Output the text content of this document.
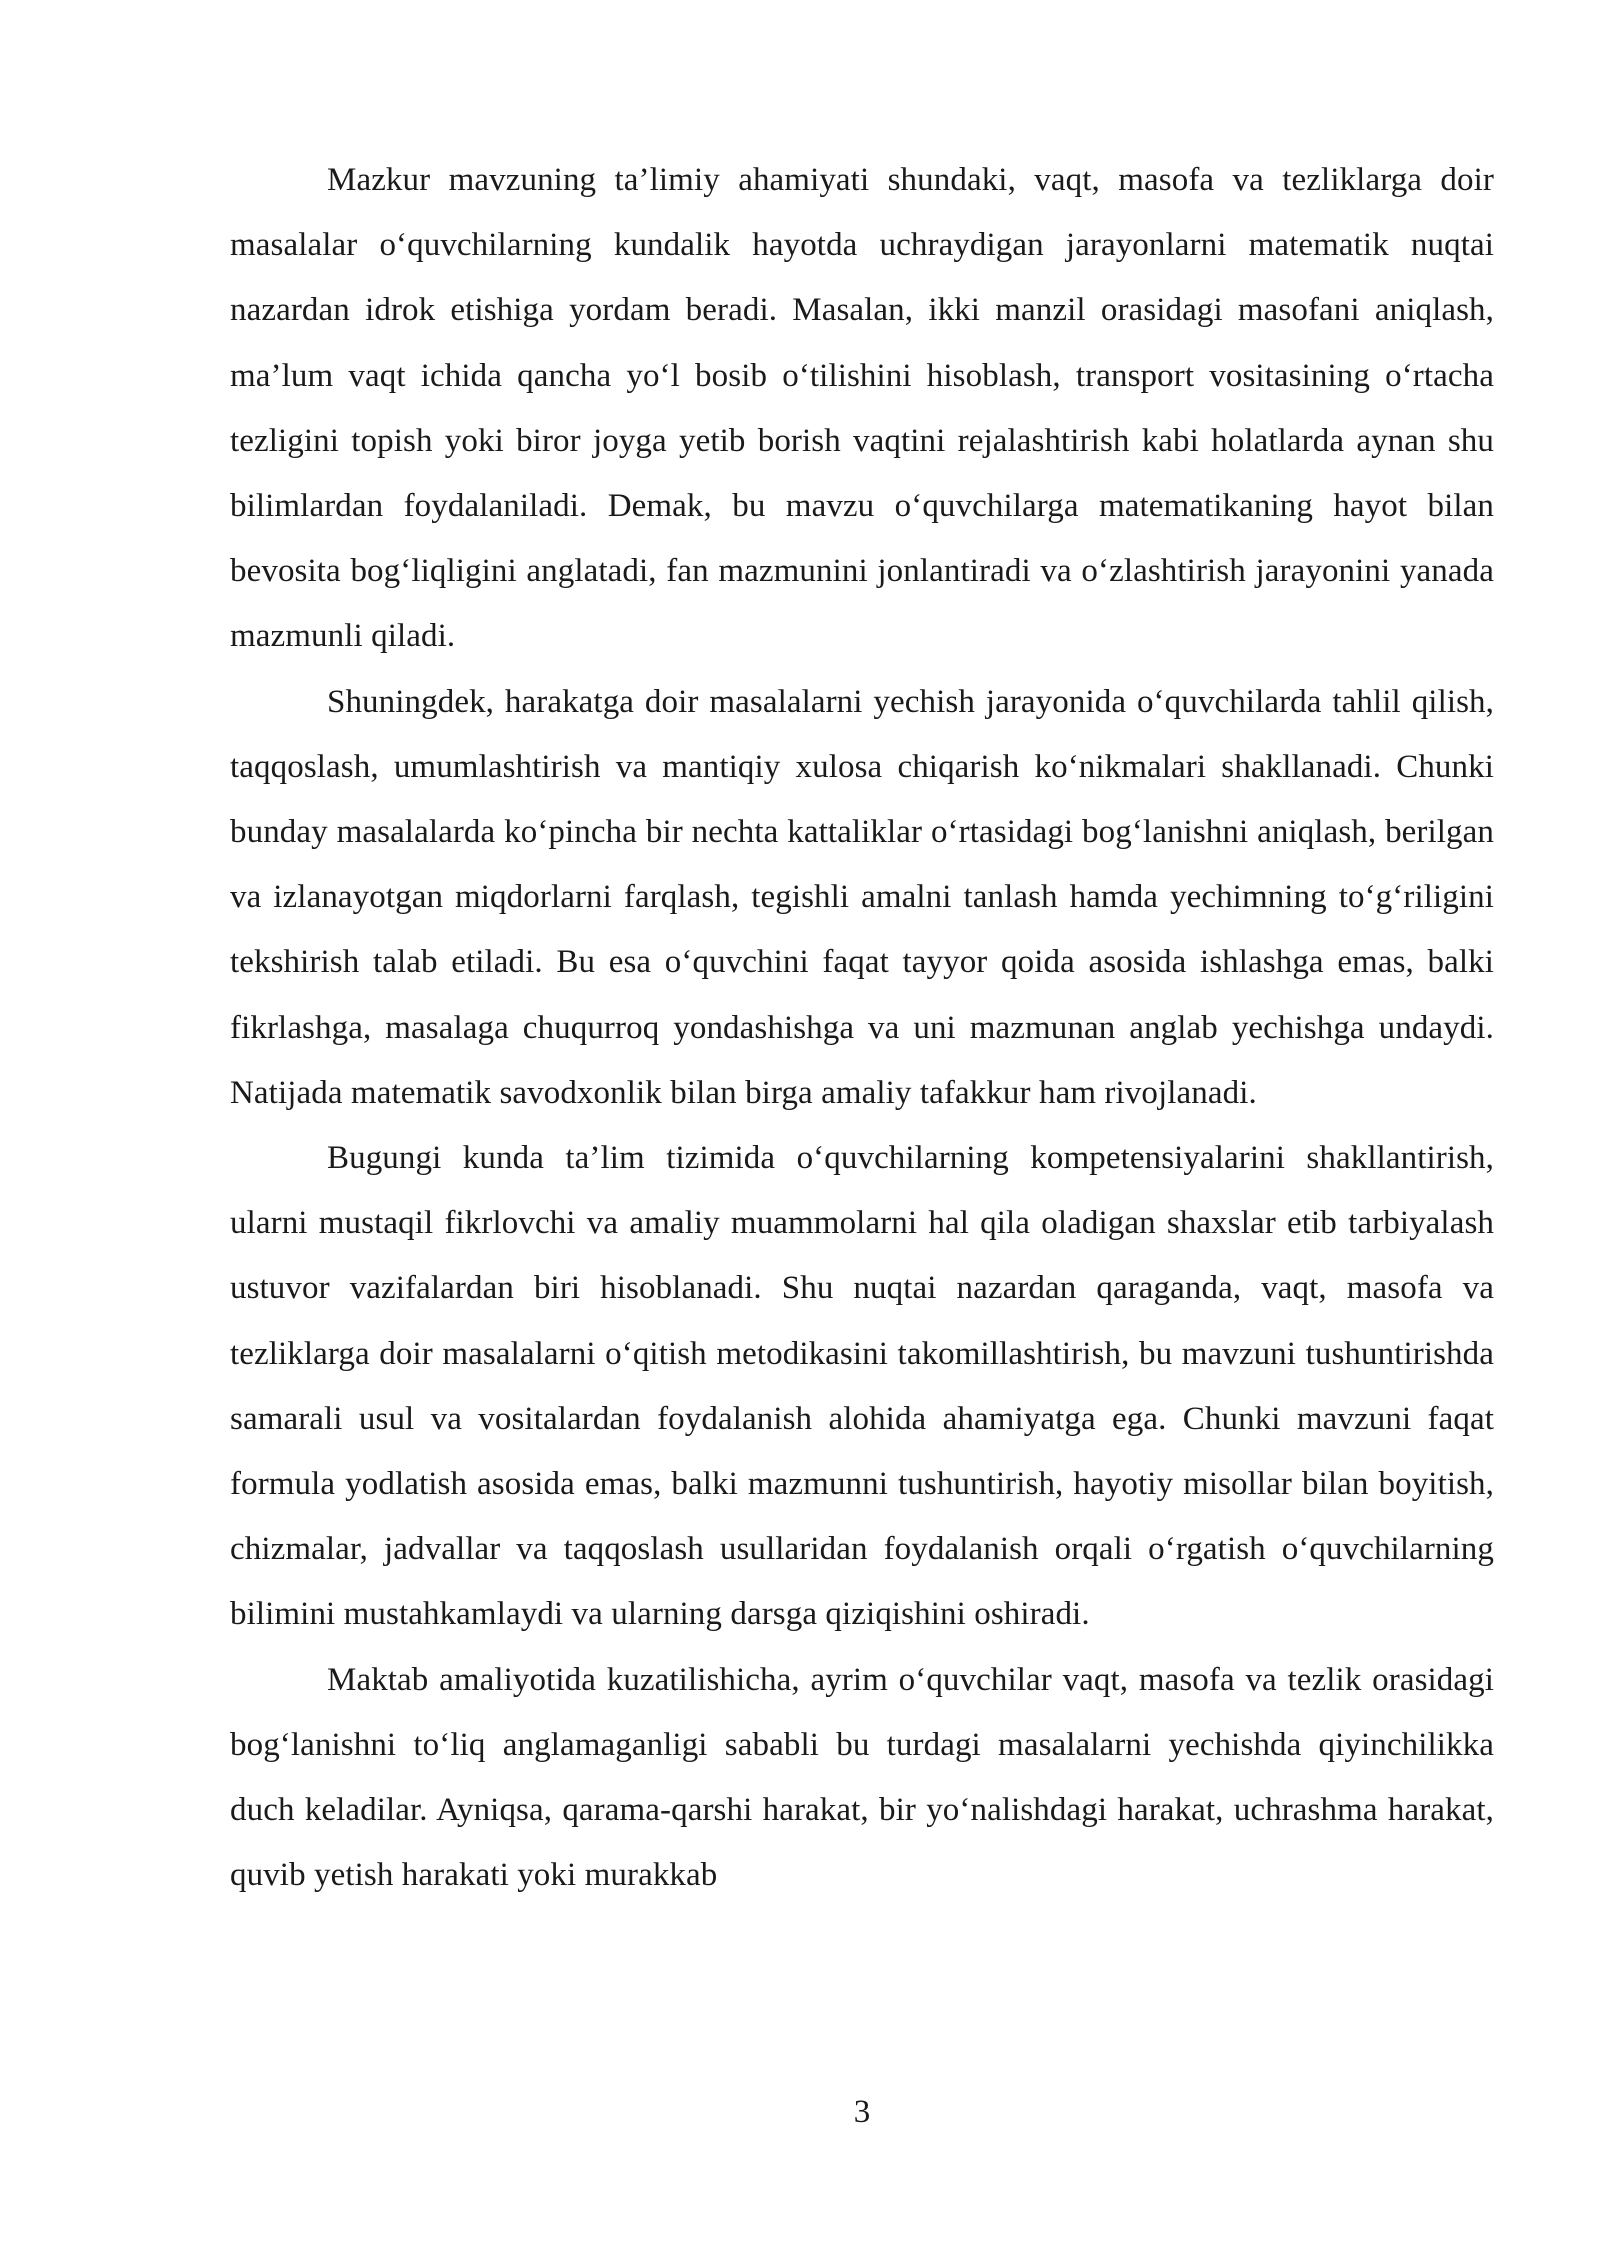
Mazkur mavzuning ta’limiy ahamiyati shundaki, vaqt, masofa va tezliklarga doir masalalar o‘quvchilarning kundalik hayotda uchraydigan jarayonlarni matematik nuqtai nazardan idrok etishiga yordam beradi. Masalan, ikki manzil orasidagi masofani aniqlash, ma’lum vaqt ichida qancha yo‘l bosib o‘tilishini hisoblash, transport vositasining o‘rtacha tezligini topish yoki biror joyga yetib borish vaqtini rejalashtirish kabi holatlarda aynan shu bilimlardan foydalaniladi. Demak, bu mavzu o‘quvchilarga matematikaning hayot bilan bevosita bog‘liqligini anglatadi, fan mazmunini jonlantiradi va o‘zlashtirish jarayonini yanada mazmunli qiladi.

Shuningdek, harakatga doir masalalarni yechish jarayonida o‘quvchilarda tahlil qilish, taqqoslash, umumlashtirish va mantiqiy xulosa chiqarish ko‘nikmalari shakllanadi. Chunki bunday masalalarda ko‘pincha bir nechta kattaliklar o‘rtasidagi bog‘lanishni aniqlash, berilgan va izlanayotgan miqdorlarni farqlash, tegishli amalni tanlash hamda yechimning to‘g‘riligini tekshirish talab etiladi. Bu esa o‘quvchini faqat tayyor qoida asosida ishlashga emas, balki fikrlashga, masalaga chuqurroq yondashishga va uni mazmunan anglab yechishga undaydi. Natijada matematik savodxonlik bilan birga amaliy tafakkur ham rivojlanadi.

Bugungi kunda ta’lim tizimida o‘quvchilarning kompetensiyalarini shakllantirish, ularni mustaqil fikrlovchi va amaliy muammolarni hal qila oladigan shaxslar etib tarbiyalash ustuvor vazifalardan biri hisoblanadi. Shu nuqtai nazardan qaraganda, vaqt, masofa va tezliklarga doir masalalarni o‘qitish metodikasini takomillashtirish, bu mavzuni tushuntirishda samarali usul va vositalardan foydalanish alohida ahamiyatga ega. Chunki mavzuni faqat formula yodlatish asosida emas, balki mazmunni tushuntirish, hayotiy misollar bilan boyitish, chizmalar, jadvallar va taqqoslash usullaridan foydalanish orqali o‘rgatish o‘quvchilarning bilimini mustahkamlaydi va ularning darsga qiziqishini oshiradi.

Maktab amaliyotida kuzatilishicha, ayrim o‘quvchilar vaqt, masofa va tezlik orasidagi bog‘lanishni to‘liq anglamaganligi sababli bu turdagi masalalarni yechishda qiyinchilikka duch keladilar. Ayniqsa, qarama-qarshi harakat, bir yo‘nalishdagi harakat, uchrashma harakat, quvib yetish harakati yoki murakkab

3
